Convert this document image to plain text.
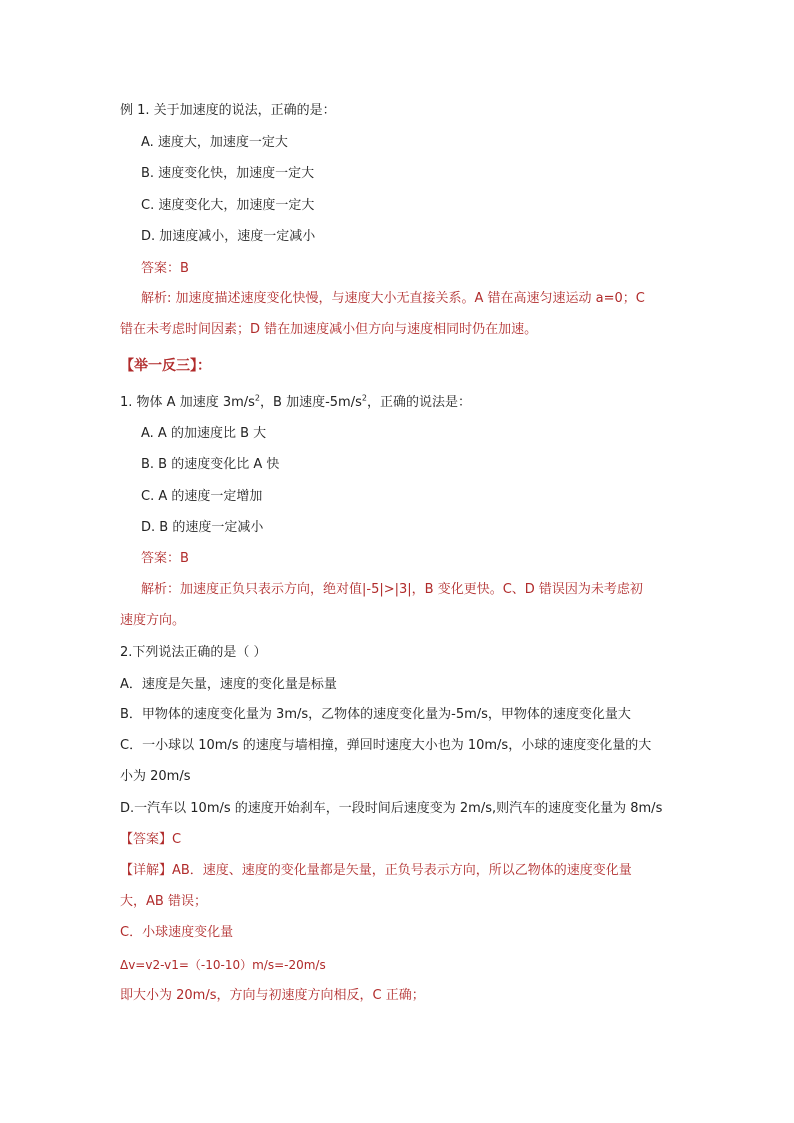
例 1. 关于加速度的说法，正确的是：
A. 速度大，加速度一定大
B. 速度变化快，加速度一定大
C. 速度变化大，加速度一定大
D. 加速度减小，速度一定减小
答案：B
解析: 加速度描述速度变化快慢，与速度大小无直接关系。A 错在高速匀速运动 a=0；C
错在未考虑时间因素；D 错在加速度减小但方向与速度相同时仍在加速。
【举一反三】：
1. 物体 A 加速度 $3m/s^2$，B 加速度$-5m/s^2$，正确的说法是：
A. A 的加速度比 B 大
B. B 的速度变化比 A 快
C. A 的速度一定增加
D. B 的速度一定减小
答案：B
解析：加速度正负只表示方向，绝对值|-5|>|3|，B 变化更快。C、D 错误因为未考虑初
速度方向。
2.下列说法正确的是（ ）
A．速度是矢量，速度的变化量是标量
B．甲物体的速度变化量为 3m/s，乙物体的速度变化量为-5m/s，甲物体的速度变化量大
C．一小球以 10m/s 的速度与墙相撞，弹回时速度大小也为 10m/s，小球的速度变化量的大
小为 20m/s
D.一汽车以 10m/s 的速度开始刹车，一段时间后速度变为 2m/s,则汽车的速度变化量为 8m/s
【答案】C
【详解】AB．速度、速度的变化量都是矢量，正负号表示方向，所以乙物体的速度变化量
大，AB 错误；
C．小球速度变化量
Δv=v2-v1=（-10-10）m/s=-20m/s
即大小为 20m/s，方向与初速度方向相反，C 正确；
